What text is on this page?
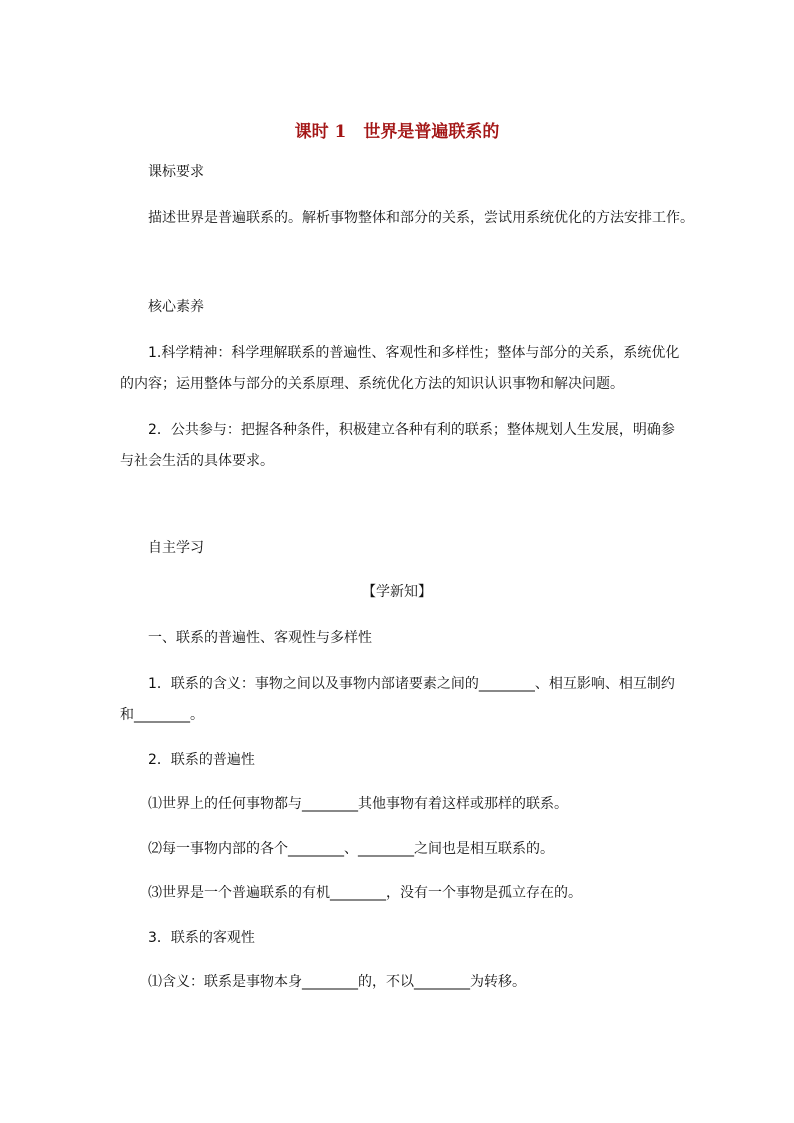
课时 1　世界是普遍联系的
课标要求
描述世界是普遍联系的。解析事物整体和部分的关系，尝试用系统优化的方法安排工作。
核心素养
1.科学精神：科学理解联系的普遍性、客观性和多样性；整体与部分的关系，系统优化
的内容；运用整体与部分的关系原理、系统优化方法的知识认识事物和解决问题。
2．公共参与：把握各种条件，积极建立各种有利的联系；整体规划人生发展，明确参
与社会生活的具体要求。
自主学习
【学新知】
一、联系的普遍性、客观性与多样性
1．联系的含义：事物之间以及事物内部诸要素之间的________、相互影响、相互制约
和________。
2．联系的普遍性
⑴世界上的任何事物都与________其他事物有着这样或那样的联系。
⑵每一事物内部的各个________、________之间也是相互联系的。
⑶世界是一个普遍联系的有机________，没有一个事物是孤立存在的。
3．联系的客观性
⑴含义：联系是事物本身________的，不以________为转移。
